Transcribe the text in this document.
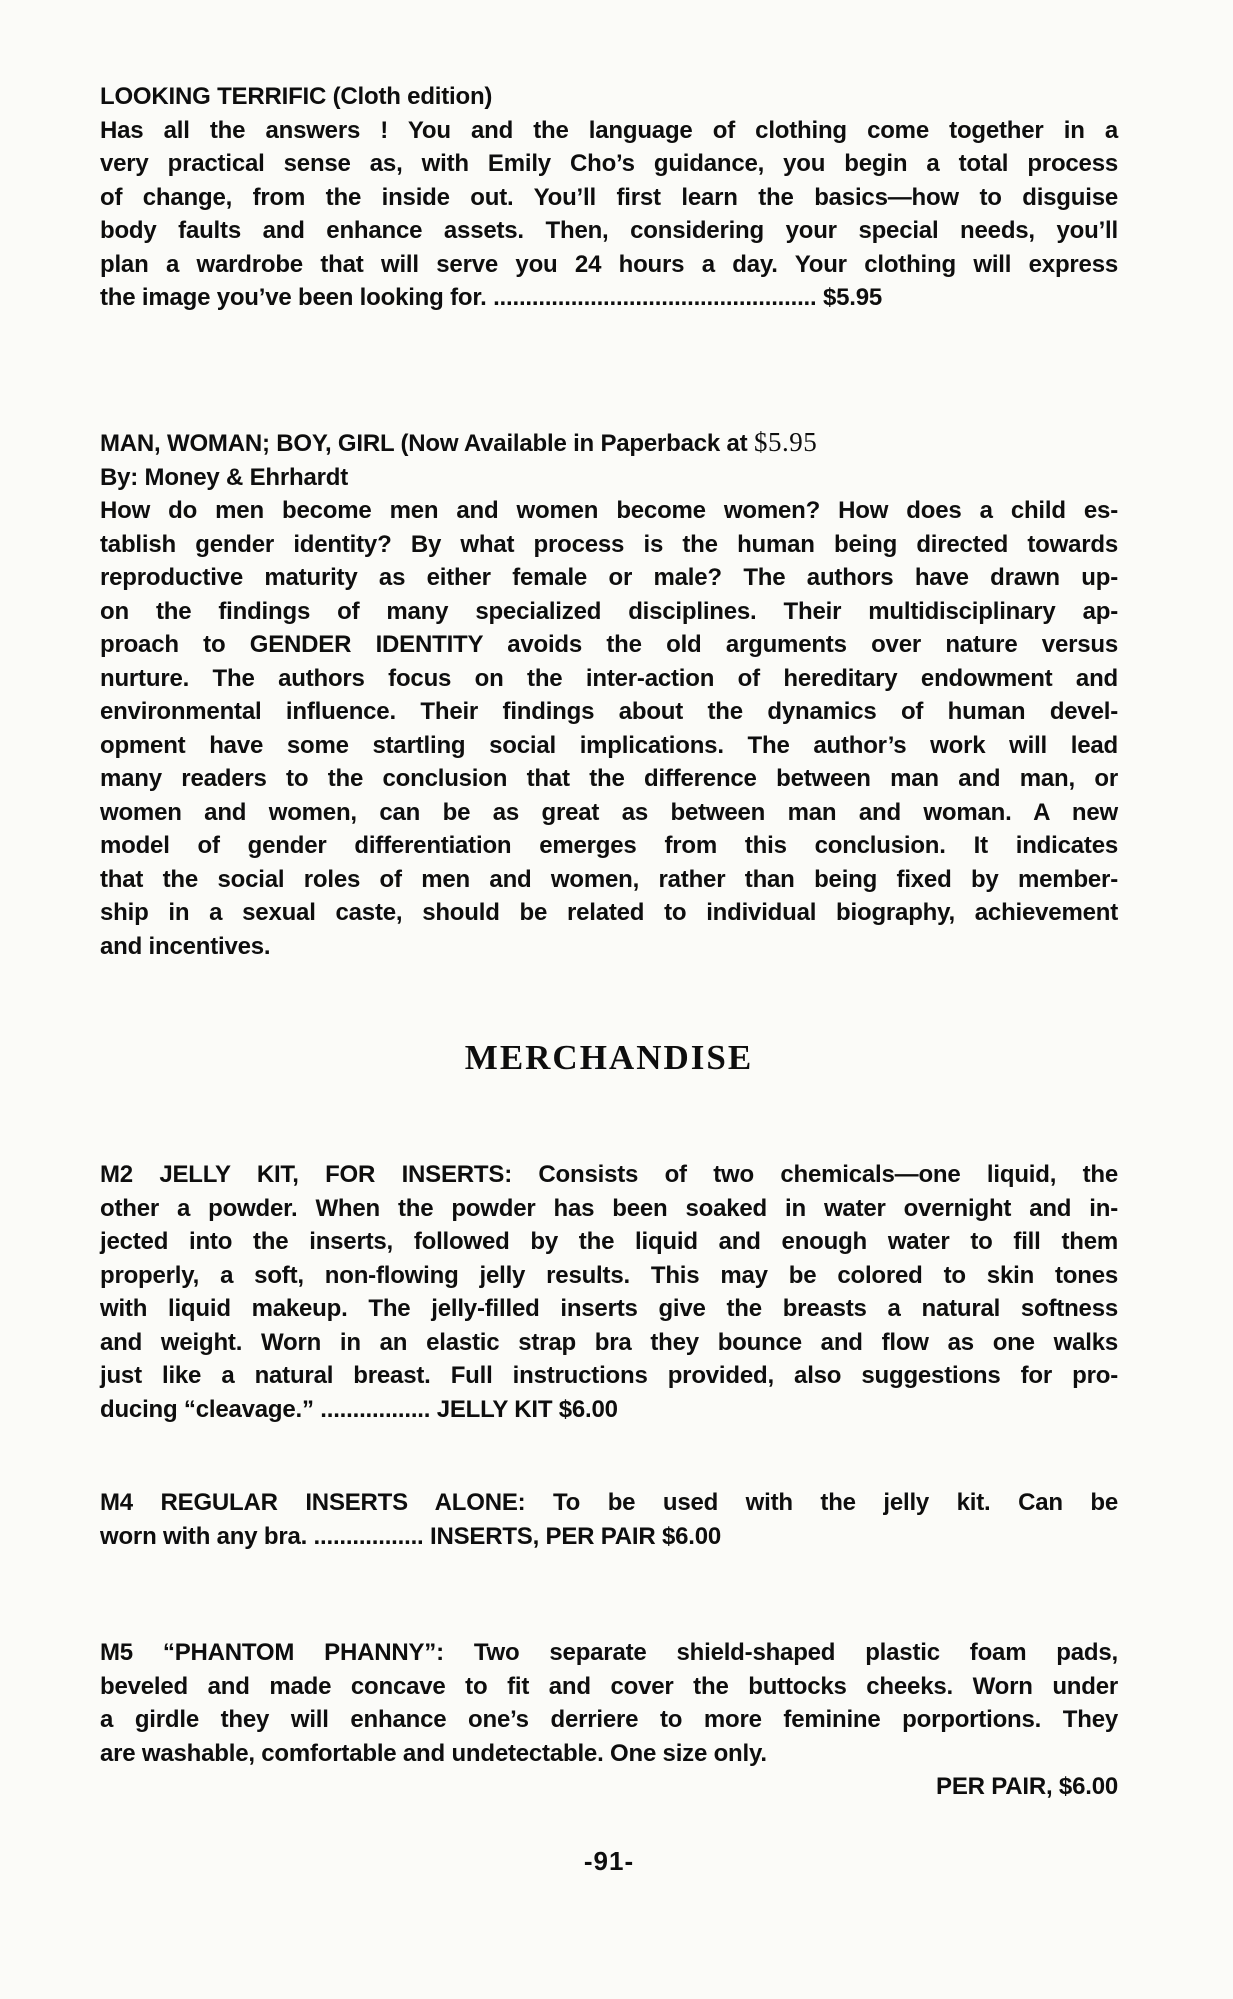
LOOKING TERRIFIC (Cloth edition)
Has all the answers ! You and the language of clothing come together in a
very practical sense as, with Emily Cho’s guidance, you begin a total process
of change, from the inside out. You’ll first learn the basics—how to disguise
body faults and enhance assets. Then, considering your special needs, you’ll
plan a wardrobe that will serve you 24 hours a day. Your clothing will express
the image you’ve been looking for. .................................................. $5.95
MAN, WOMAN; BOY, GIRL (Now Available in Paperback at $5.95
By: Money & Ehrhardt
How do men become men and women become women? How does a child es-
tablish gender identity? By what process is the human being directed towards
reproductive maturity as either female or male? The authors have drawn up-
on the findings of many specialized disciplines. Their multidisciplinary ap-
proach to GENDER IDENTITY avoids the old arguments over nature versus
nurture. The authors focus on the inter-action of hereditary endowment and
environmental influence. Their findings about the dynamics of human devel-
opment have some startling social implications. The author’s work will lead
many readers to the conclusion that the difference between man and man, or
women and women, can be as great as between man and woman. A new
model of gender differentiation emerges from this conclusion. It indicates
that the social roles of men and women, rather than being fixed by member-
ship in a sexual caste, should be related to individual biography, achievement
and incentives.
MERCHANDISE
M2 JELLY KIT, FOR INSERTS: Consists of two chemicals—one liquid, the
other a powder. When the powder has been soaked in water overnight and in-
jected into the inserts, followed by the liquid and enough water to fill them
properly, a soft, non-flowing jelly results. This may be colored to skin tones
with liquid makeup. The jelly-filled inserts give the breasts a natural softness
and weight. Worn in an elastic strap bra they bounce and flow as one walks
just like a natural breast. Full instructions provided, also suggestions for pro-
ducing “cleavage.” ................. JELLY KIT $6.00
M4 REGULAR INSERTS ALONE: To be used with the jelly kit. Can be
worn with any bra. ................. INSERTS, PER PAIR $6.00
M5 “PHANTOM PHANNY”: Two separate shield-shaped plastic foam pads,
beveled and made concave to fit and cover the buttocks cheeks. Worn under
a girdle they will enhance one’s derriere to more feminine porportions. They
are washable, comfortable and undetectable. One size only.
PER PAIR, $6.00
-91-
